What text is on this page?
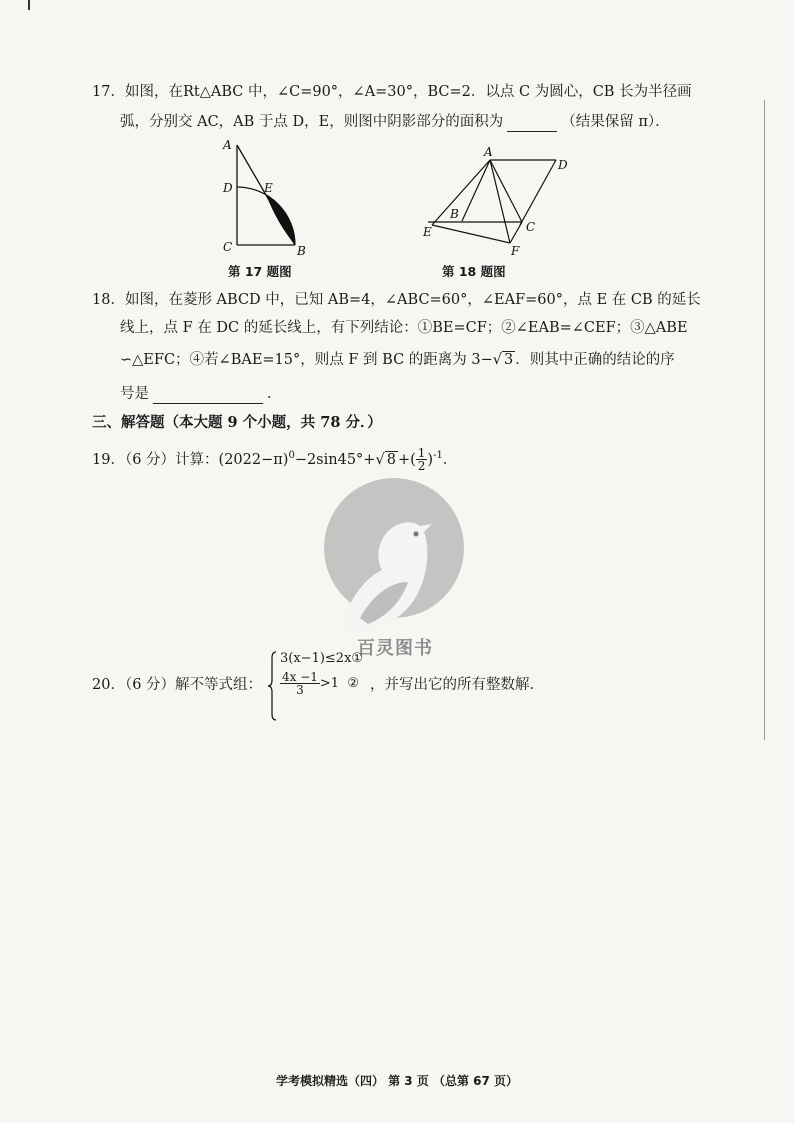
17．如图，在Rt△ABC 中，∠C=90°，∠A=30°，BC=2．以点 C 为圆心，CB 长为半径画
弧，分别交 AC，AB 于点 D，E，则图中阴影部分的面积为	（结果保留 π）．
A
D	E
C	B
第 17 题图
A
D
B
C
E
F
第 18 题图
18．如图，在菱形 ABCD 中，已知 AB=4，∠ABC=60°，∠EAF=60°，点 E 在 CB 的延长
线上，点 F 在 DC 的延长线上，有下列结论：①BE=CF；②∠EAB=∠CEF；③△ABE
∽△EFC；④若∠BAE=15°，则点 F 到 BC 的距离为 3−√ 3 ．则其中正确的结论的序
号是	．
三、解答题（本大题 9 个小题，共 78 分．）
19．（6 分）计算：$(2022-\pi)^0-2\sin 45^\circ+√$ 8 +( $\frac{1}{2} )^{-1}$．
百灵图书
20．（6 分）解不等式组：
3(x−1)≤2x①
$\frac{4x -1}{3} >1$ ② ，并写出它的所有整数解．
学考模拟精选（四） 第 3 页 （总第 67 页）
